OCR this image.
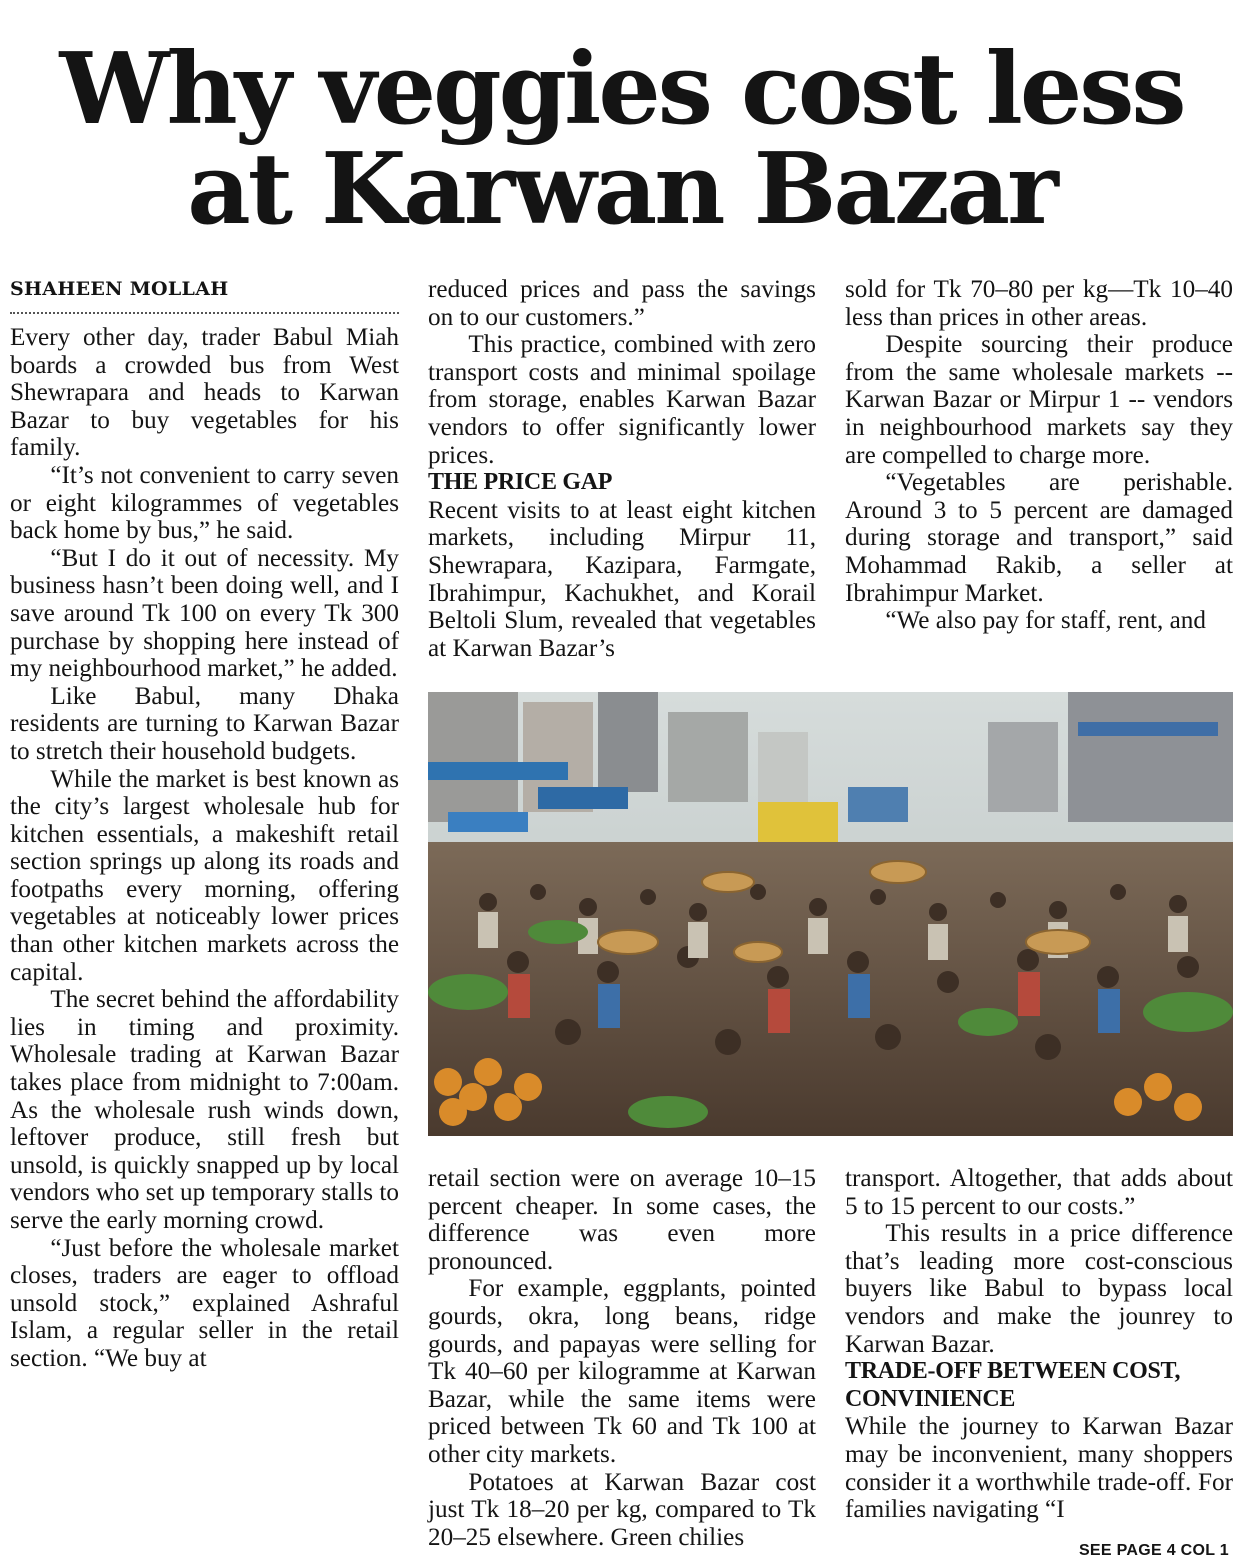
Why veggies cost less
at Karwan Bazar
SHAHEEN MOLLAH

Every other day, trader Babul Miah boards a crowded bus from West Shewrapara and heads to Karwan Bazar to buy vegetables for his family.

“It’s not convenient to carry seven or eight kilogrammes of vegetables back home by bus,” he said.

“But I do it out of necessity. My business hasn’t been doing well, and I save around Tk 100 on every Tk 300 purchase by shopping here instead of my neighbourhood market,” he added.

Like Babul, many Dhaka residents are turning to Karwan Bazar to stretch their household budgets.

While the market is best known as the city’s largest wholesale hub for kitchen essentials, a makeshift retail section springs up along its roads and footpaths every morning, offering vegetables at noticeably lower prices than other kitchen markets across the capital.

The secret behind the affordability lies in timing and proximity. Wholesale trading at Karwan Bazar takes place from midnight to 7:00am. As the wholesale rush winds down, leftover produce, still fresh but unsold, is quickly snapped up by local vendors who set up temporary stalls to serve the early morning crowd.

“Just before the wholesale market closes, traders are eager to offload unsold stock,” explained Ashraful Islam, a regular seller in the retail section. “We buy at

reduced prices and pass the savings on to our customers.”

This practice, combined with zero transport costs and minimal spoilage from storage, enables Karwan Bazar vendors to offer significantly lower prices.

THE PRICE GAP

Recent visits to at least eight kitchen markets, including Mirpur 11, Shewrapara, Kazipara, Farmgate, Ibrahimpur, Kachukhet, and Korail Beltoli Slum, revealed that vegetables at Karwan Bazar’s

sold for Tk 70–80 per kg—Tk 10–40 less than prices in other areas.

Despite sourcing their produce from the same wholesale markets -- Karwan Bazar or Mirpur 1 -- vendors in neighbourhood markets say they are compelled to charge more.

“Vegetables are perishable. Around 3 to 5 percent are damaged during storage and transport,” said Mohammad Rakib, a seller at Ibrahimpur Market.

“We also pay for staff, rent, and

retail section were on average 10–15 percent cheaper. In some cases, the difference was even more pronounced.

For example, eggplants, pointed gourds, okra, long beans, ridge gourds, and papayas were selling for Tk 40–60 per kilogramme at Karwan Bazar, while the same items were priced between Tk 60 and Tk 100 at other city markets.

Potatoes at Karwan Bazar cost just Tk 18–20 per kg, compared to Tk 20–25 elsewhere. Green chilies

transport. Altogether, that adds about 5 to 15 percent to our costs.”

This results in a price difference that’s leading more cost-conscious buyers like Babul to bypass local vendors and make the jounrey to Karwan Bazar.

TRADE-OFF BETWEEN COST, CONVINIENCE

While the journey to Karwan Bazar may be inconvenient, many shoppers consider it a worthwhile trade-off. For families navigating “I

SEE PAGE 4 COL 1
